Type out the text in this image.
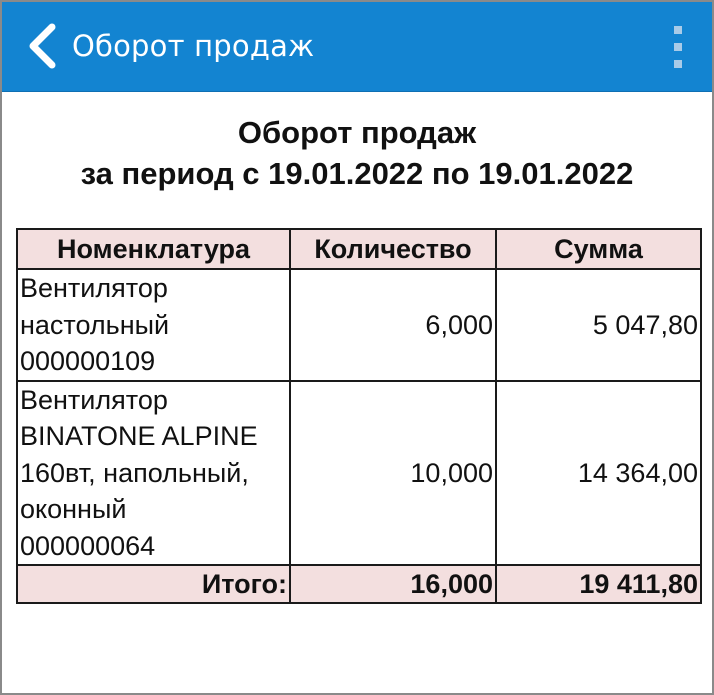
Оборот продаж
Оборот продаж
за период с 19.01.2022 по 19.01.2022
Номенклатура	Количество	Сумма

Вентилятор
настольный
000000109	6,000	5 047,80

Вентилятор
BINATONE ALPINE
160вт, напольный,
оконный
000000064	10,000	14 364,00
Итого:	16,000	19 411,80
